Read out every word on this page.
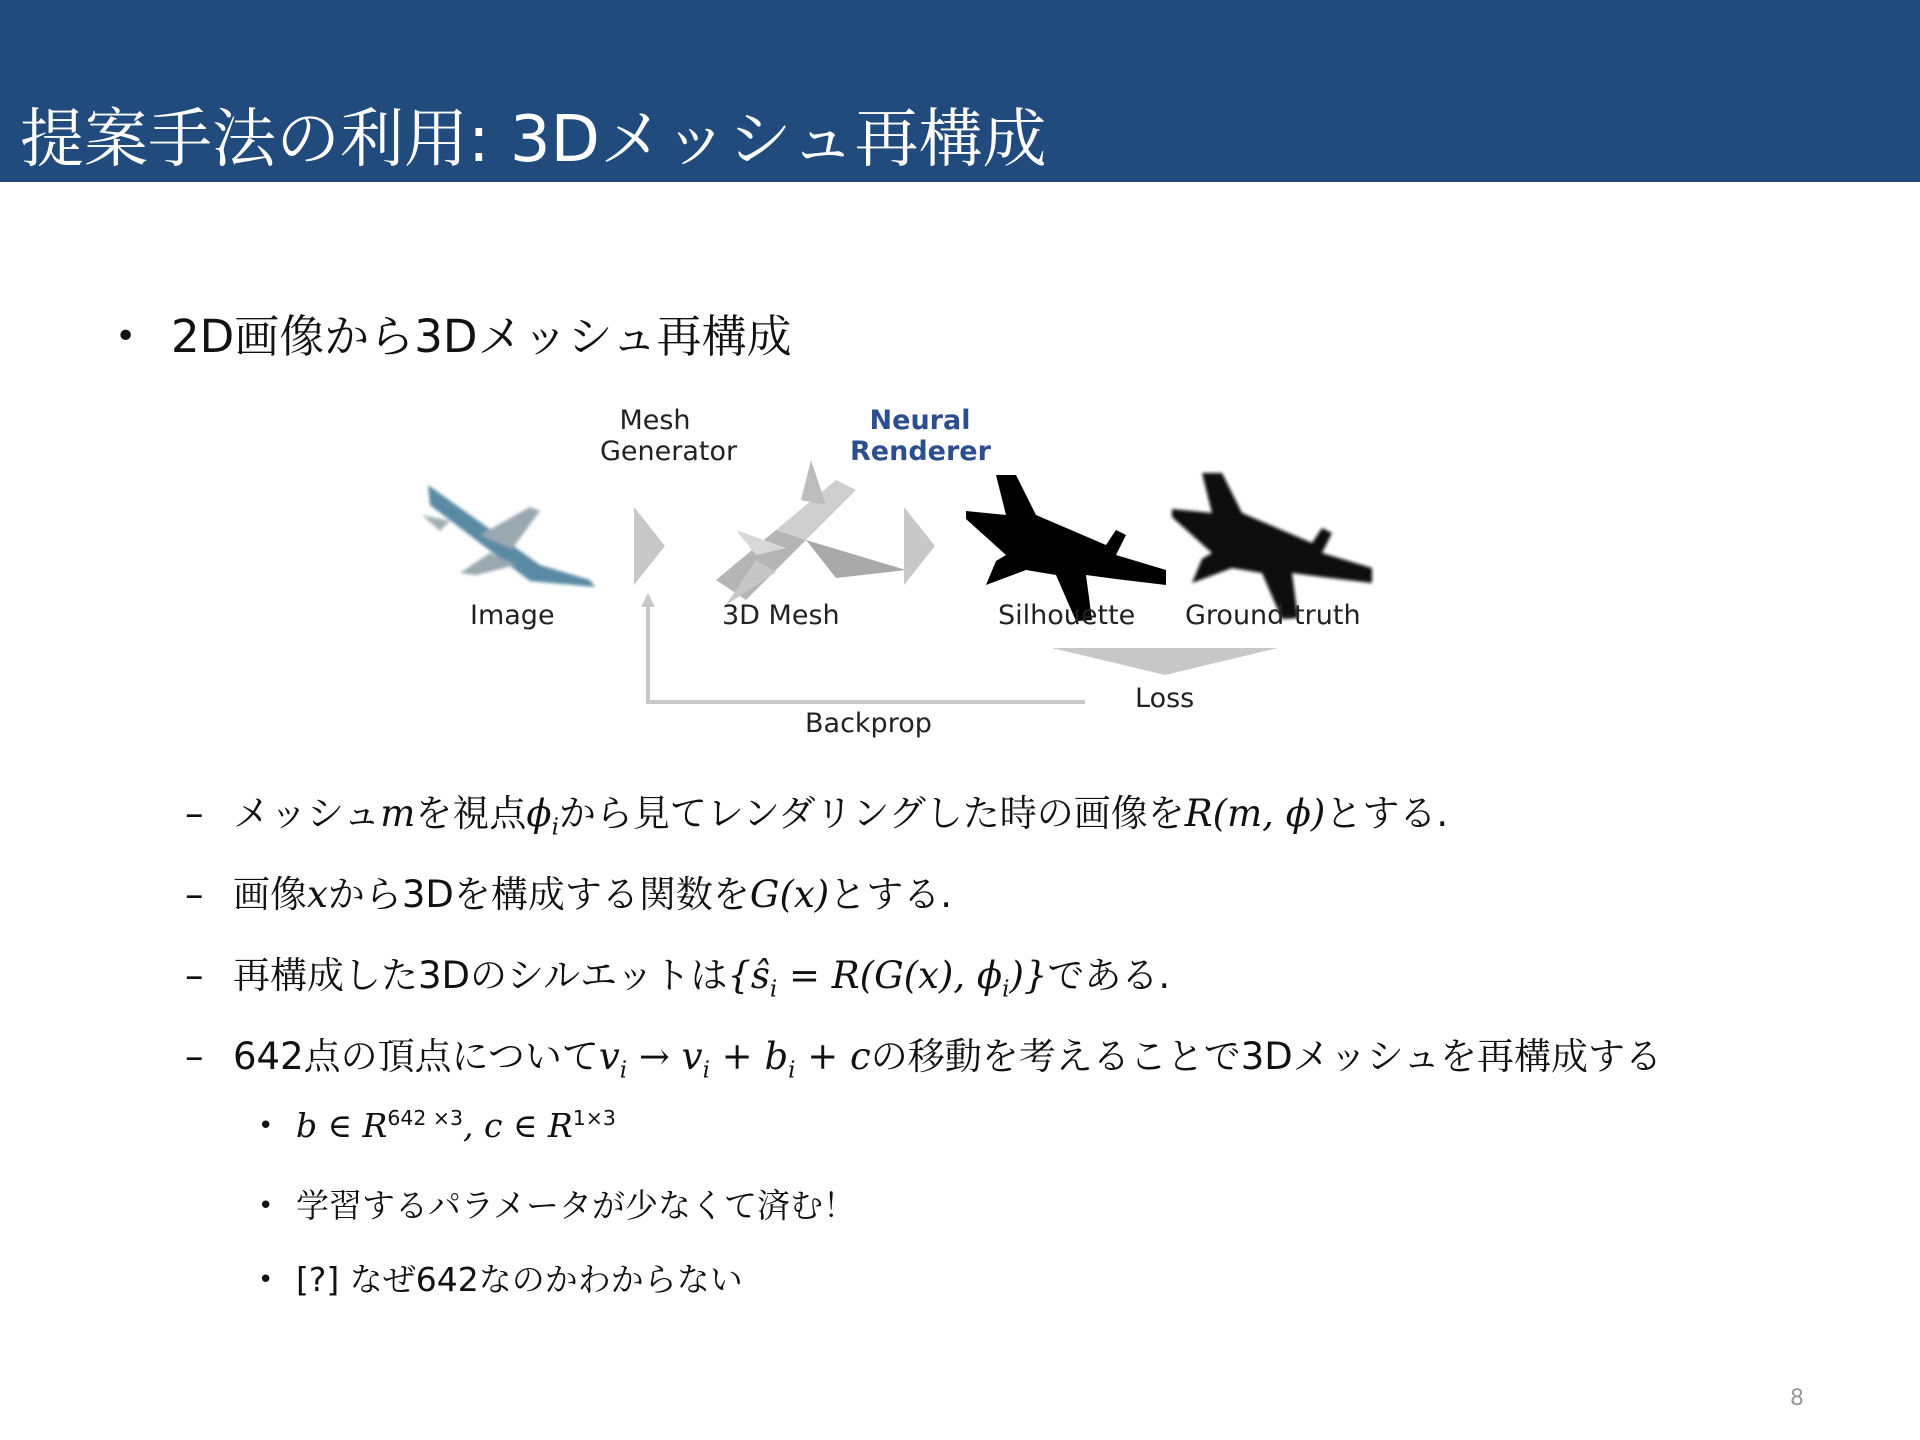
提案手法の利用: 3Dメッシュ再構成
• 2D画像から3Dメッシュ再構成
Mesh
Generator
Neural
Renderer
Image	3D Mesh	Silhouette Ground-truth
Loss
Backprop
– メッシュmを視点$\phi_i$から見てレンダリングした時の画像をR(m, ϕ)とする.
– 画像xから3Dを構成する関数をG(x)とする.
– 再構成した3Dのシルエットは{$ŝ_i = R(G(x)$, $\phi_i$)}である.
– 642点の頂点について$v_i \to v_i + b_i + c$の移動を考えることで3Dメッシュを再構成する
• b ∈ $R^{642 \times 3}$, c ∈ $R^{1\times 3}$
• 学習するパラメータが少なくて済む！
• [?] なぜ642なのかわからない
8
